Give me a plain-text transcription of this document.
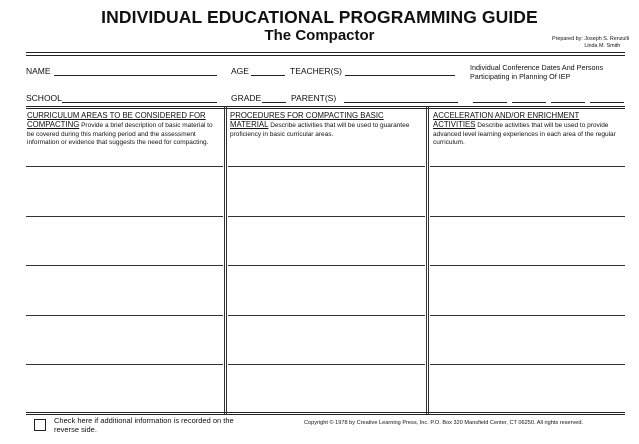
INDIVIDUAL EDUCATIONAL PROGRAMMING GUIDE
The Compactor	Prepared by: Joseph S. Renzulli
Linda M. Smith
NAME	AGE	TEACHER(S)	Individual Conference Dates And Persons Participating in Planning Of IEP
SCHOOL	GRADE	PARENT(S)
CURRICULUM AREAS TO BE CONSIDERED FOR COMPACTING Provide a brief description of basic material to be covered during this marking period and the assessment information or evidence that suggests the need for compacting.
PROCEDURES FOR COMPACTING BASIC MATERIAL Describe activities that will be used to guarantee proficiency in basic curricular areas.
ACCELERATION AND/OR ENRICHMENT ACTIVITIES Describe activities that will be used to provide advanced level learning experiences in each area of the regular curriculum.
Check here if additional information is recorded on the reverse side.
Copyright © 1978 by Creative Learning Press, Inc. P.O. Box 320 Mansfield Center, CT 06250. All rights reserved.
